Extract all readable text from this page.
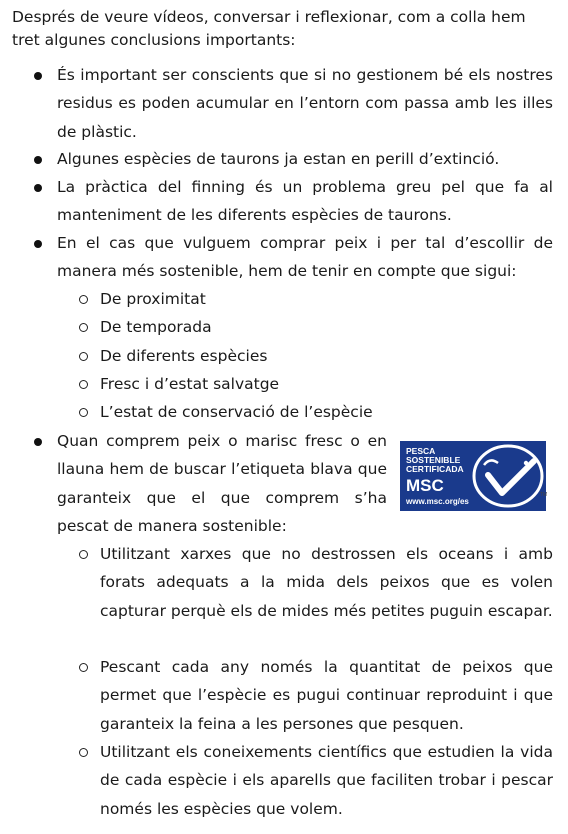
Després de veure vídeos, conversar i reflexionar, com a colla hem tret algunes conclusions importants:
És important ser conscients que si no gestionem bé els nostres residus es poden acumular en l’entorn com passa amb les illes de plàstic.
Algunes espècies de taurons ja estan en perill d’extinció.
La pràctica del finning és un problema greu pel que fa al manteniment de les diferents espècies de taurons.
En el cas que vulguem comprar peix i per tal d’escollir de manera més sostenible, hem de tenir en compte que sigui:
De proximitat
De temporada
De diferents espècies
Fresc i d’estat salvatge
L’estat de conservació de l’espècie
Quan comprem peix o marisc fresc o en llauna hem de buscar l’etiqueta blava que garanteix que el que comprem s’ha pescat de manera sostenible:
PESCA
SOSTENIBLE
CERTIFICADA
MSC
www.msc.org/es
TM
Utilitzant xarxes que no destrossen els oceans i amb forats adequats a la mida dels peixos que es volen capturar perquè els de mides més petites puguin escapar.
Pescant cada any només la quantitat de peixos que permet que l’espècie es pugui continuar reproduint i que garanteix la feina a les persones que pesquen.
Utilitzant els coneixements científics que estudien la vida de cada espècie i els aparells que faciliten trobar i pescar només les espècies que volem.
